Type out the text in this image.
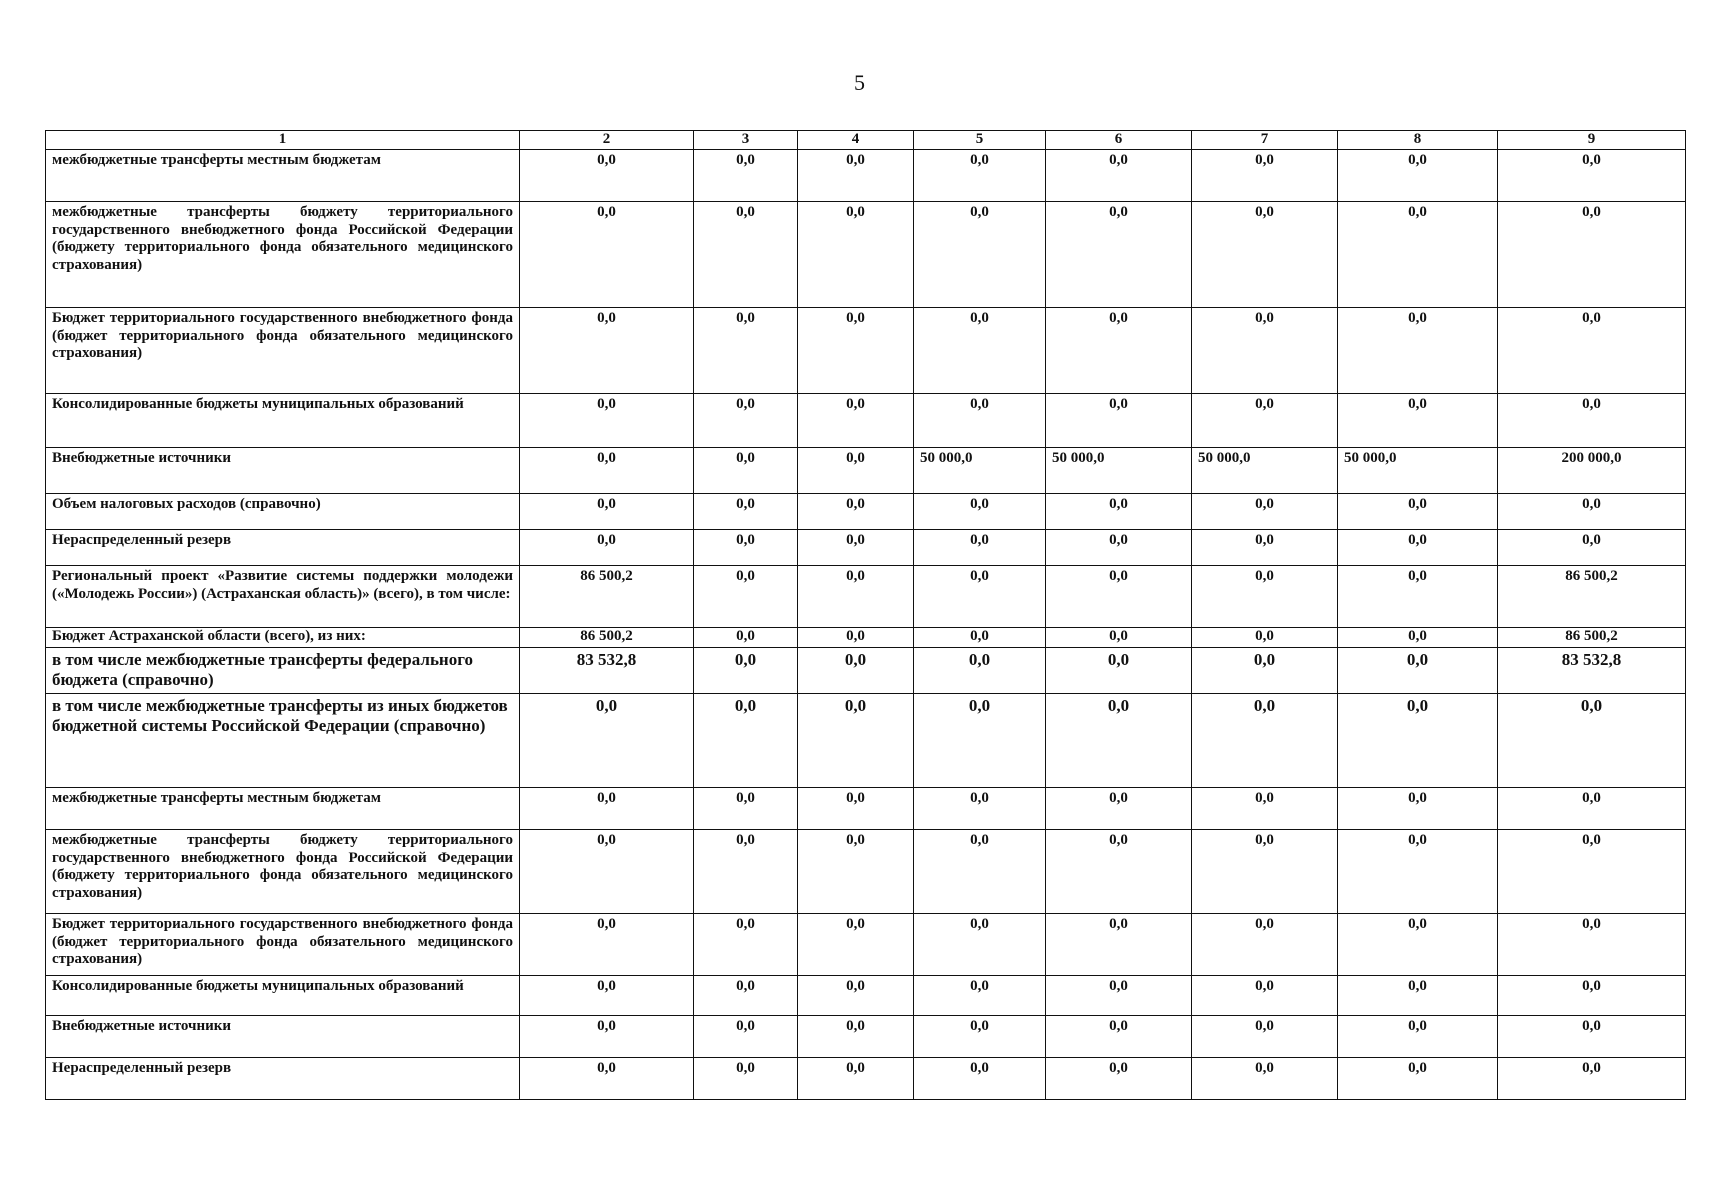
5
1	2	3	4	5	6	7	8	9
межбюджетные трансферты местным бюджетам	0,0	0,0	0,0	0,0	0,0	0,0	0,0	0,0
межбюджетные трансферты бюджету территориального государственного внебюджетного фонда Российской Федерации (бюджету территориального фонда обязательного медицинского страхования)	0,0	0,0	0,0	0,0	0,0	0,0	0,0	0,0
Бюджет территориального государственного внебюджетного фонда (бюджет территориального фонда обязательного медицинского страхования)	0,0	0,0	0,0	0,0	0,0	0,0	0,0	0,0
Консолидированные бюджеты муниципальных образований	0,0	0,0	0,0	0,0	0,0	0,0	0,0	0,0
Внебюджетные источники	0,0	0,0	0,0	50 000,0	50 000,0	50 000,0	50 000,0	200 000,0
Объем налоговых расходов (справочно)	0,0	0,0	0,0	0,0	0,0	0,0	0,0	0,0
Нераспределенный резерв	0,0	0,0	0,0	0,0	0,0	0,0	0,0	0,0
Региональный проект «Развитие системы поддержки молодежи («Молодежь России») (Астраханская область)» (всего), в том числе:	86 500,2	0,0	0,0	0,0	0,0	0,0	0,0	86 500,2
Бюджет Астраханской области (всего), из них:	86 500,2	0,0	0,0	0,0	0,0	0,0	0,0	86 500,2
в том числе межбюджетные трансферты федерального бюджета (справочно)	83 532,8	0,0	0,0	0,0	0,0	0,0	0,0	83 532,8
в том числе межбюджетные трансферты из иных бюджетов бюджетной системы Российской Федерации (справочно)	0,0	0,0	0,0	0,0	0,0	0,0	0,0	0,0
межбюджетные трансферты местным бюджетам	0,0	0,0	0,0	0,0	0,0	0,0	0,0	0,0
межбюджетные трансферты бюджету территориального государственного внебюджетного фонда Российской Федерации (бюджету территориального фонда обязательного медицинского страхования)	0,0	0,0	0,0	0,0	0,0	0,0	0,0	0,0
Бюджет территориального государственного внебюджетного фонда (бюджет территориального фонда обязательного медицинского страхования)	0,0	0,0	0,0	0,0	0,0	0,0	0,0	0,0
Консолидированные бюджеты муниципальных образований	0,0	0,0	0,0	0,0	0,0	0,0	0,0	0,0
Внебюджетные источники	0,0	0,0	0,0	0,0	0,0	0,0	0,0	0,0
Нераспределенный резерв	0,0	0,0	0,0	0,0	0,0	0,0	0,0	0,0
